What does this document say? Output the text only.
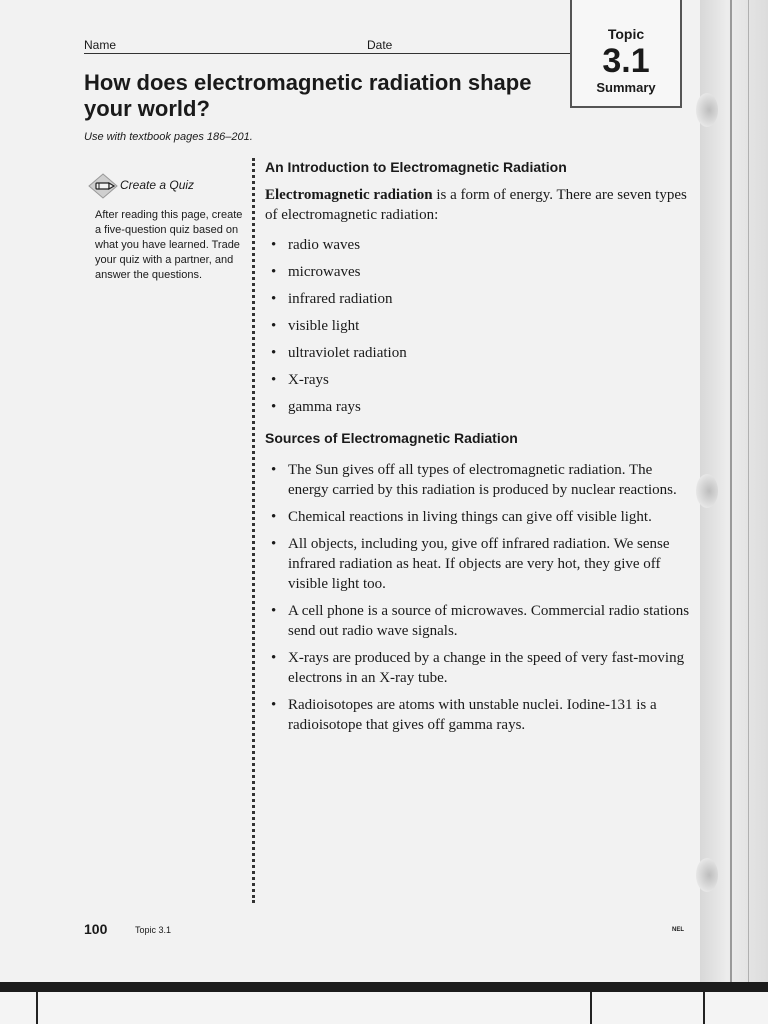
Name	Date
Topic
3.1
Summary
How does electromagnetic radiation shape your world?
Use with textbook pages 186–201.
Create a Quiz
After reading this page, create a five-question quiz based on what you have learned. Trade your quiz with a partner, and answer the questions.
An Introduction to Electromagnetic Radiation

Electromagnetic radiation is a form of energy. There are seven types of electromagnetic radiation:

• radio waves
• microwaves
• infrared radiation
• visible light
• ultraviolet radiation
• X-rays
• gamma rays
Sources of Electromagnetic Radiation
• The Sun gives off all types of electromagnetic radiation. The energy carried by this radiation is produced by nuclear reactions.
• Chemical reactions in living things can give off visible light.
• All objects, including you, give off infrared radiation. We sense infrared radiation as heat. If objects are very hot, they give off visible light too.
• A cell phone is a source of microwaves. Commercial radio stations send out radio wave signals.
• X-rays are produced by a change in the speed of very fast-moving electrons in an X-ray tube.
• Radioisotopes are atoms with unstable nuclei. Iodine-131 is a radioisotope that gives off gamma rays.
100	Topic 3.1	NEL
